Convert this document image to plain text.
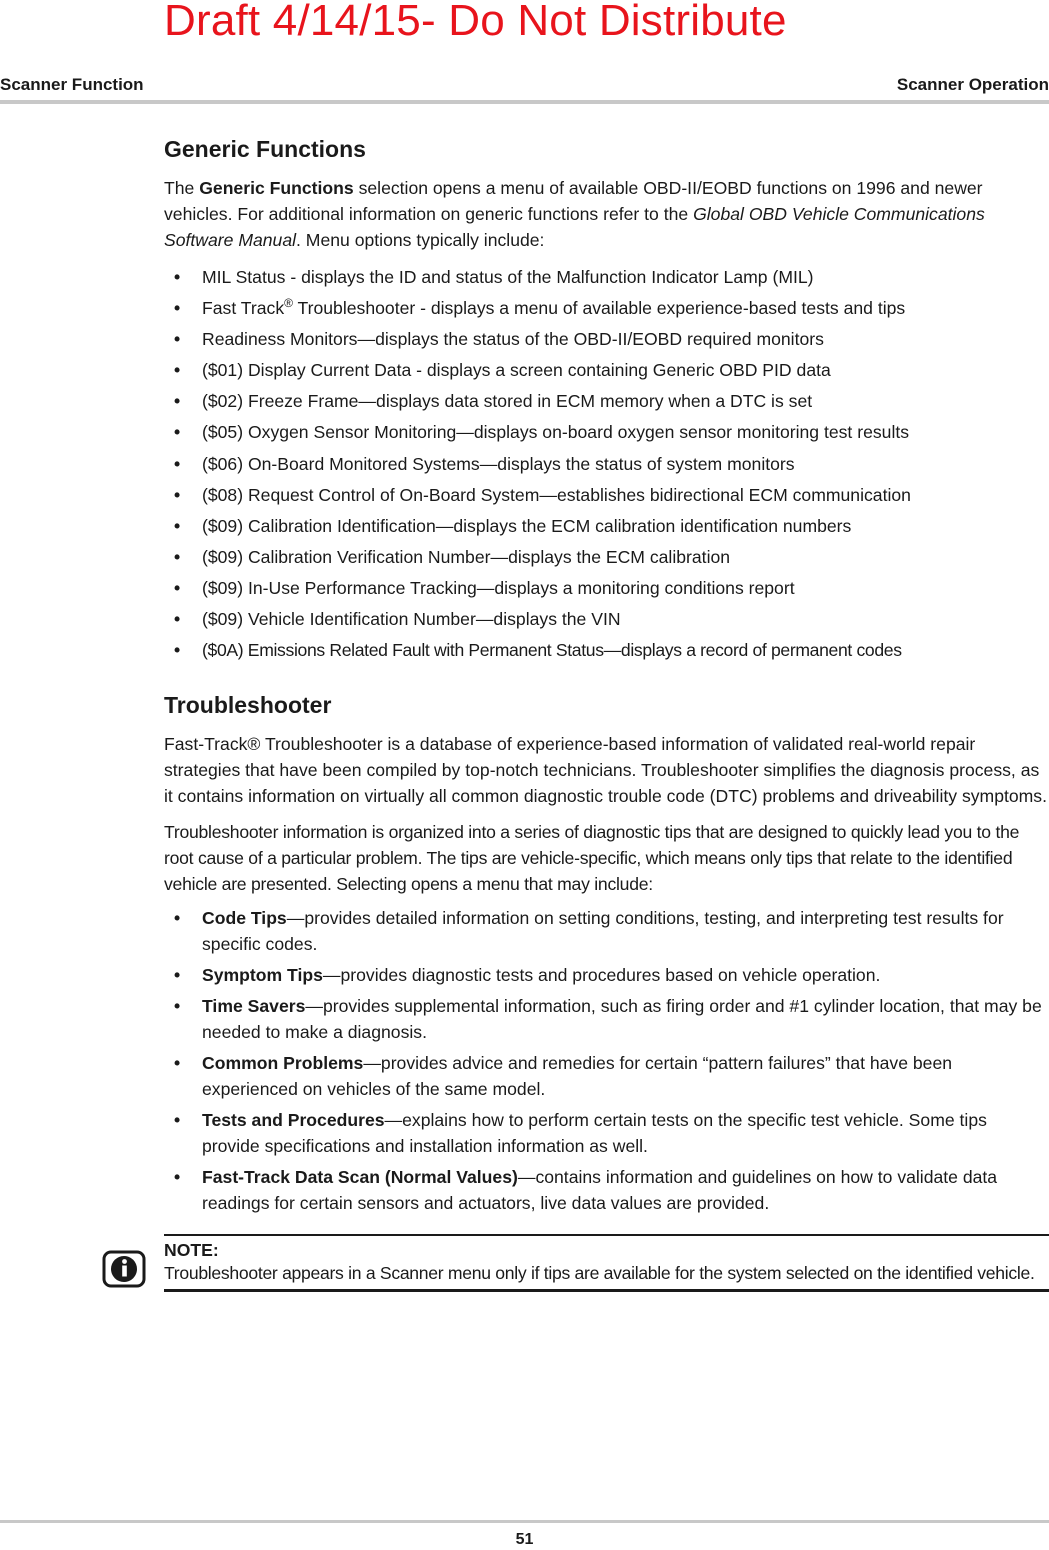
Draft 4/14/15- Do Not Distribute
Scanner Function	Scanner Operation
Generic Functions

The Generic Functions selection opens a menu of available OBD-II/EOBD functions on 1996 and newer vehicles. For additional information on generic functions refer to the Global OBD Vehicle Communications Software Manual. Menu options typically include:

• MIL Status - displays the ID and status of the Malfunction Indicator Lamp (MIL)
• Fast Track® Troubleshooter - displays a menu of available experience-based tests and tips
• Readiness Monitors—displays the status of the OBD-II/EOBD required monitors
• ($01) Display Current Data - displays a screen containing Generic OBD PID data
• ($02) Freeze Frame—displays data stored in ECM memory when a DTC is set
• ($05) Oxygen Sensor Monitoring—displays on-board oxygen sensor monitoring test results
• ($06) On-Board Monitored Systems—displays the status of system monitors
• ($08) Request Control of On-Board System—establishes bidirectional ECM communication
• ($09) Calibration Identification—displays the ECM calibration identification numbers
• ($09) Calibration Verification Number—displays the ECM calibration
• ($09) In-Use Performance Tracking—displays a monitoring conditions report
• ($09) Vehicle Identification Number—displays the VIN
• ($0A) Emissions Related Fault with Permanent Status—displays a record of permanent codes
Troubleshooter

Fast-Track® Troubleshooter is a database of experience-based information of validated real-world repair strategies that have been compiled by top-notch technicians. Troubleshooter simplifies the diagnosis process, as it contains information on virtually all common diagnostic trouble code (DTC) problems and driveability symptoms.

Troubleshooter information is organized into a series of diagnostic tips that are designed to quickly lead you to the root cause of a particular problem. The tips are vehicle-specific, which means only tips that relate to the identified vehicle are presented. Selecting opens a menu that may include:

• Code Tips—provides detailed information on setting conditions, testing, and interpreting test results for specific codes.
• Symptom Tips—provides diagnostic tests and procedures based on vehicle operation.
• Time Savers—provides supplemental information, such as firing order and #1 cylinder location, that may be needed to make a diagnosis.
• Common Problems—provides advice and remedies for certain “pattern failures” that have been experienced on vehicles of the same model.
• Tests and Procedures—explains how to perform certain tests on the specific test vehicle. Some tips provide specifications and installation information as well.
• Fast-Track Data Scan (Normal Values)—contains information and guidelines on how to validate data readings for certain sensors and actuators, live data values are provided.
NOTE:

Troubleshooter appears in a Scanner menu only if tips are available for the system selected on the identified vehicle.

51
